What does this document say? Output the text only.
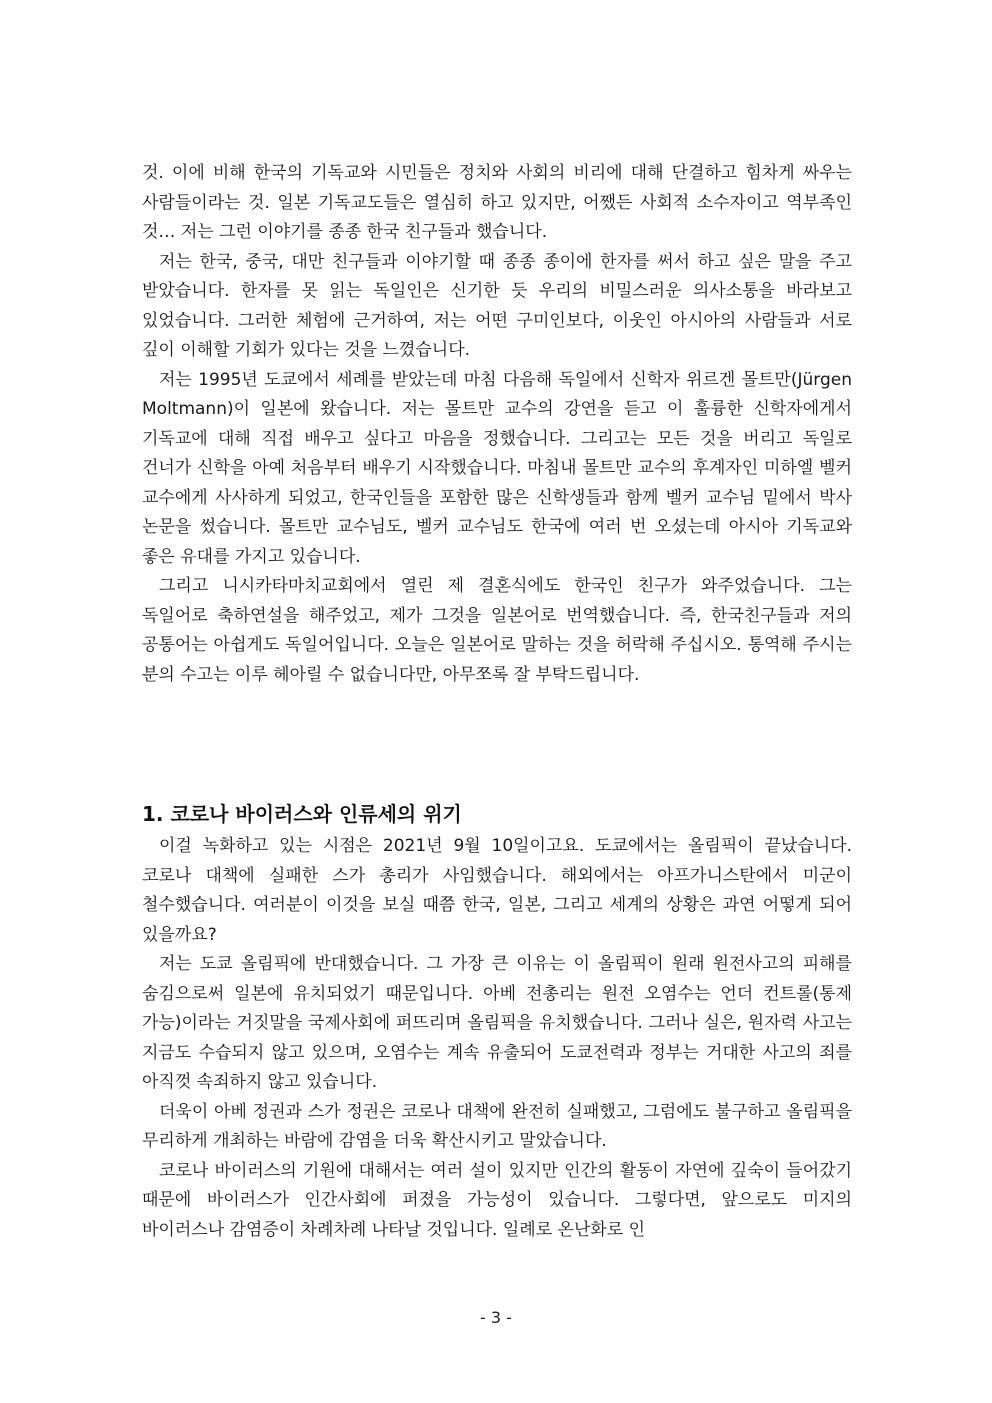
것. 이에 비해 한국의 기독교와 시민들은 정치와 사회의 비리에 대해 단결하고 힘차게 싸우는 사람들이라는 것. 일본 기독교도들은 열심히 하고 있지만, 어쨌든 사회적 소수자이고 역부족인 것… 저는 그런 이야기를 종종 한국 친구들과 했습니다.

저는 한국, 중국, 대만 친구들과 이야기할 때 종종 종이에 한자를 써서 하고 싶은 말을 주고 받았습니다. 한자를 못 읽는 독일인은 신기한 듯 우리의 비밀스러운 의사소통을 바라보고 있었습니다. 그러한 체험에 근거하여, 저는 어떤 구미인보다, 이웃인 아시아의 사람들과 서로 깊이 이해할 기회가 있다는 것을 느꼈습니다.

저는 1995년 도쿄에서 세례를 받았는데 마침 다음해 독일에서 신학자 위르겐 몰트만(Jürgen Moltmann)이 일본에 왔습니다. 저는 몰트만 교수의 강연을 듣고 이 훌륭한 신학자에게서 기독교에 대해 직접 배우고 싶다고 마음을 정했습니다. 그리고는 모든 것을 버리고 독일로 건너가 신학을 아예 처음부터 배우기 시작했습니다. 마침내 몰트만 교수의 후계자인 미하엘 벨커 교수에게 사사하게 되었고, 한국인들을 포함한 많은 신학생들과 함께 벨커 교수님 밑에서 박사 논문을 썼습니다. 몰트만 교수님도, 벨커 교수님도 한국에 여러 번 오셨는데 아시아 기독교와 좋은 유대를 가지고 있습니다.

그리고 니시카타마치교회에서 열린 제 결혼식에도 한국인 친구가 와주었습니다. 그는 독일어로 축하연설을 해주었고, 제가 그것을 일본어로 번역했습니다. 즉, 한국친구들과 저의 공통어는 아쉽게도 독일어입니다. 오늘은 일본어로 말하는 것을 허락해 주십시오. 통역해 주시는 분의 수고는 이루 헤아릴 수 없습니다만, 아무쪼록 잘 부탁드립니다.

1. 코로나 바이러스와 인류세의 위기

이걸 녹화하고 있는 시점은 2021년 9월 10일이고요. 도쿄에서는 올림픽이 끝났습니다. 코로나 대책에 실패한 스가 총리가 사임했습니다. 해외에서는 아프가니스탄에서 미군이 철수했습니다. 여러분이 이것을 보실 때쯤 한국, 일본, 그리고 세계의 상황은 과연 어떻게 되어 있을까요?

저는 도쿄 올림픽에 반대했습니다. 그 가장 큰 이유는 이 올림픽이 원래 원전사고의 피해를 숨김으로써 일본에 유치되었기 때문입니다. 아베 전총리는 원전 오염수는 언더 컨트롤(통제 가능)이라는 거짓말을 국제사회에 퍼뜨리며 올림픽을 유치했습니다. 그러나 실은, 원자력 사고는 지금도 수습되지 않고 있으며, 오염수는 계속 유출되어 도쿄전력과 정부는 거대한 사고의 죄를 아직껏 속죄하지 않고 있습니다.

더욱이 아베 정권과 스가 정권은 코로나 대책에 완전히 실패했고, 그럼에도 불구하고 올림픽을 무리하게 개최하는 바람에 감염을 더욱 확산시키고 말았습니다.

코로나 바이러스의 기원에 대해서는 여러 설이 있지만 인간의 활동이 자연에 깊숙이 들어갔기 때문에 바이러스가 인간사회에 퍼졌을 가능성이 있습니다. 그렇다면, 앞으로도 미지의 바이러스나 감염증이 차례차례 나타날 것입니다. 일례로 온난화로 인

- 3 -
